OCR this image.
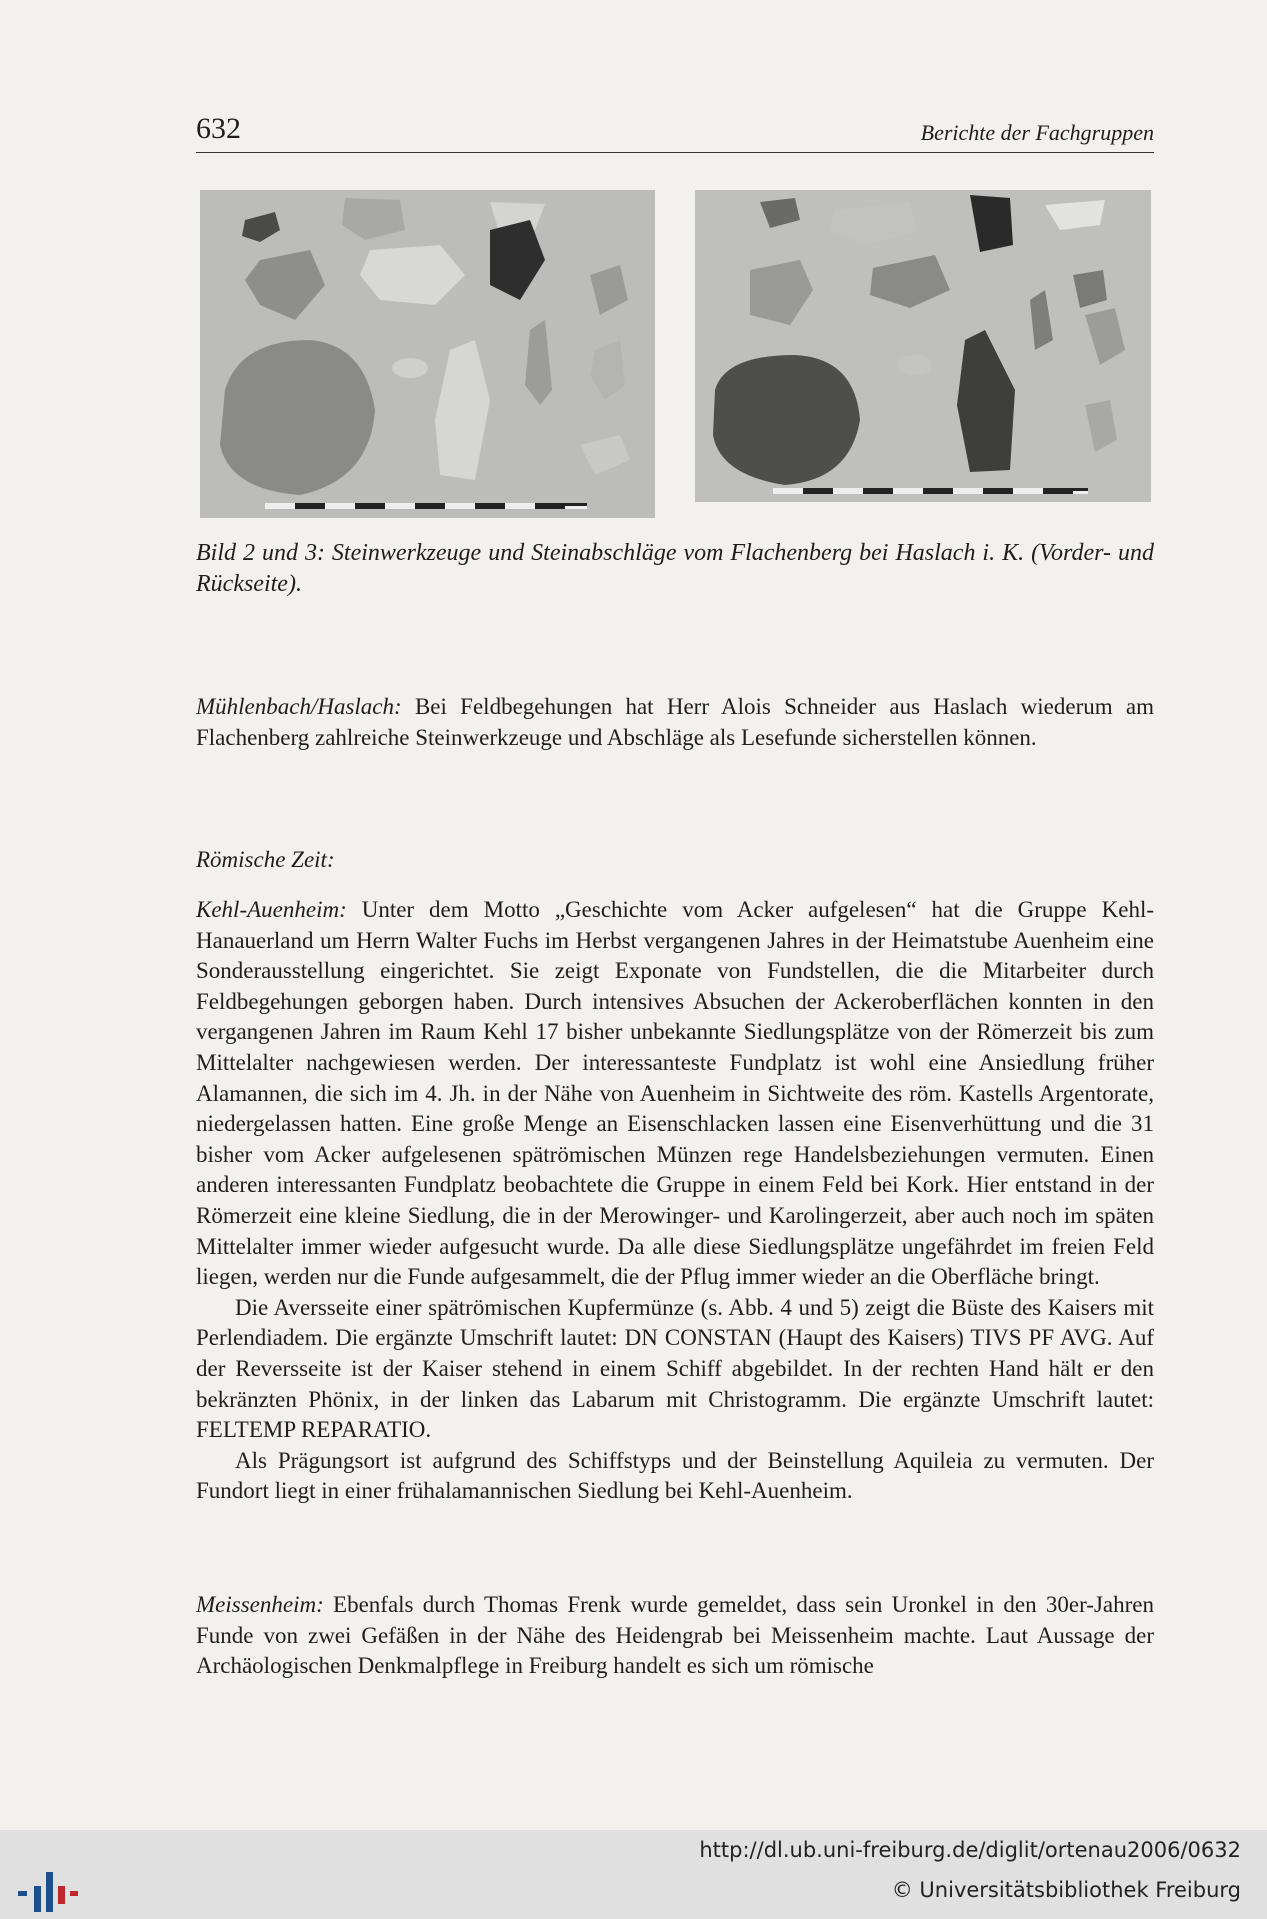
632	Berichte der Fachgruppen
Bild 2 und 3: Steinwerkzeuge und Steinabschläge vom Flachenberg bei Haslach i. K. (Vorder- und Rückseite).

Mühlenbach/Haslach: Bei Feldbegehungen hat Herr Alois Schneider aus Haslach wiederum am Flachenberg zahlreiche Steinwerkzeuge und Abschläge als Lesefunde sicherstellen können.

Römische Zeit:

Kehl-Auenheim: Unter dem Motto „Geschichte vom Acker aufgelesen“ hat die Gruppe Kehl-Hanauerland um Herrn Walter Fuchs im Herbst vergangenen Jahres in der Heimatstube Auenheim eine Sonderausstellung eingerichtet. Sie zeigt Exponate von Fundstellen, die die Mitarbeiter durch Feldbegehungen geborgen haben. Durch intensives Absuchen der Ackeroberflächen konnten in den vergangenen Jahren im Raum Kehl 17 bisher unbekannte Siedlungsplätze von der Römerzeit bis zum Mittelalter nachgewiesen werden. Der interessanteste Fundplatz ist wohl eine Ansiedlung früher Alamannen, die sich im 4. Jh. in der Nähe von Auenheim in Sichtweite des röm. Kastells Argentorate, niedergelassen hatten. Eine große Menge an Eisenschlacken lassen eine Eisenverhüttung und die 31 bisher vom Acker aufgelesenen spätrömischen Münzen rege Handelsbeziehungen vermuten. Einen anderen interessanten Fundplatz beobachtete die Gruppe in einem Feld bei Kork. Hier entstand in der Römerzeit eine kleine Siedlung, die in der Merowinger- und Karolingerzeit, aber auch noch im späten Mittelalter immer wieder aufgesucht wurde. Da alle diese Siedlungsplätze ungefährdet im freien Feld liegen, werden nur die Funde aufgesammelt, die der Pflug immer wieder an die Oberfläche bringt.

Die Aversseite einer spätrömischen Kupfermünze (s. Abb. 4 und 5) zeigt die Büste des Kaisers mit Perlendiadem. Die ergänzte Umschrift lautet: DN CONSTAN (Haupt des Kaisers) TIVS PF AVG. Auf der Reversseite ist der Kaiser stehend in einem Schiff abgebildet. In der rechten Hand hält er den bekränzten Phönix, in der linken das Labarum mit Christogramm. Die ergänzte Umschrift lautet: FELTEMP REPARATIO.

Als Prägungsort ist aufgrund des Schiffstyps und der Beinstellung Aquileia zu vermuten. Der Fundort liegt in einer frühalamannischen Siedlung bei Kehl-Auenheim.

Meissenheim: Ebenfals durch Thomas Frenk wurde gemeldet, dass sein Uronkel in den 30er-Jahren Funde von zwei Gefäßen in der Nähe des Heidengrab bei Meissenheim machte. Laut Aussage der Archäologischen Denkmalpflege in Freiburg handelt es sich um römische

http://dl.ub.uni-freiburg.de/diglit/ortenau2006/0632
© Universitätsbibliothek Freiburg
